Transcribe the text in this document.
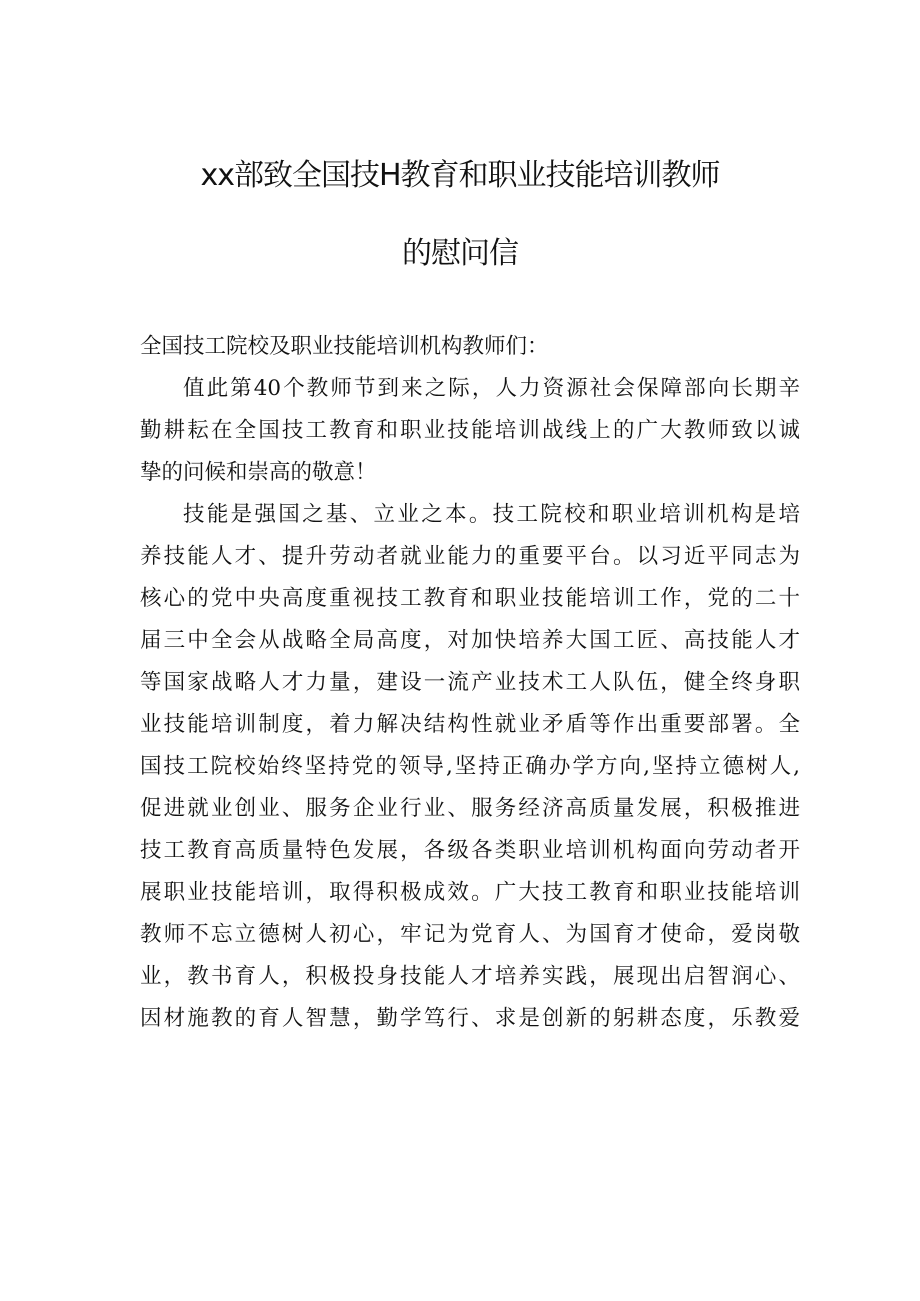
xx部致全国技H教育和职业技能培训教师
的慰问信
全国技工院校及职业技能培训机构教师们：
值此第40个教师节到来之际，人力资源社会保障部向长期辛
勤耕耘在全国技工教育和职业技能培训战线上的广大教师致以诚
挚的问候和崇高的敬意！
技能是强国之基、立业之本。技工院校和职业培训机构是培
养技能人才、提升劳动者就业能力的重要平台。以习近平同志为
核心的党中央高度重视技工教育和职业技能培训工作，党的二十
届三中全会从战略全局高度，对加快培养大国工匠、高技能人才
等国家战略人才力量，建设一流产业技术工人队伍，健全终身职
业技能培训制度，着力解决结构性就业矛盾等作出重要部署。全
国技工院校始终坚持党的领导,坚持正确办学方向,坚持立德树人,
促进就业创业、服务企业行业、服务经济高质量发展，积极推进
技工教育高质量特色发展，各级各类职业培训机构面向劳动者开
展职业技能培训，取得积极成效。广大技工教育和职业技能培训
教师不忘立德树人初心，牢记为党育人、为国育才使命，爱岗敬
业，教书育人，积极投身技能人才培养实践，展现出启智润心、
因材施教的育人智慧，勤学笃行、求是创新的躬耕态度，乐教爱
